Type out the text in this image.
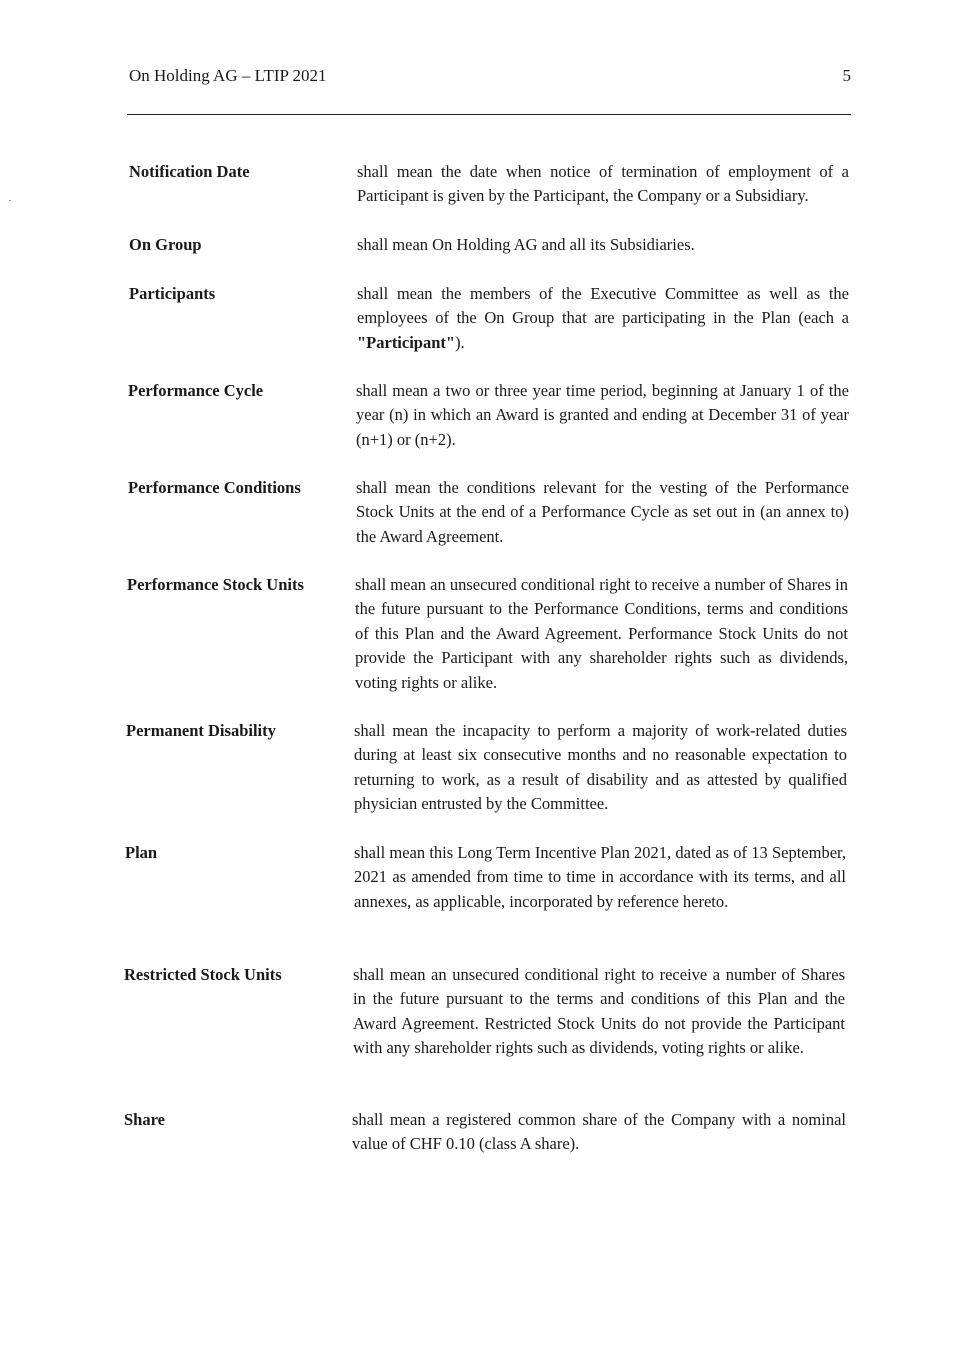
On Holding AG – LTIP 2021	5
Notification Date	shall mean the date when notice of termination of employment of a Participant is given by the Participant, the Company or a Subsidiary.
On Group	shall mean On Holding AG and all its Subsidiaries.
Participants	shall mean the members of the Executive Committee as well as the employees of the On Group that are participating in the Plan (each a "Participant").
Performance Cycle	shall mean a two or three year time period, beginning at January 1 of the year (n) in which an Award is granted and ending at December 31 of year (n+1) or (n+2).
Performance Conditions	shall mean the conditions relevant for the vesting of the Performance Stock Units at the end of a Performance Cycle as set out in (an annex to) the Award Agreement.
Performance Stock Units	shall mean an unsecured conditional right to receive a number of Shares in the future pursuant to the Performance Conditions, terms and conditions of this Plan and the Award Agreement. Performance Stock Units do not provide the Participant with any shareholder rights such as dividends, voting rights or alike.
Permanent Disability	shall mean the incapacity to perform a majority of work-related duties during at least six consecutive months and no reasonable expectation to returning to work, as a result of disability and as attested by qualified physician entrusted by the Committee.
Plan	shall mean this Long Term Incentive Plan 2021, dated as of 13 September, 2021 as amended from time to time in accordance with its terms, and all annexes, as applicable, incorporated by reference hereto.
Restricted Stock Units	shall mean an unsecured conditional right to receive a number of Shares in the future pursuant to the terms and conditions of this Plan and the Award Agreement. Restricted Stock Units do not provide the Participant with any shareholder rights such as dividends, voting rights or alike.
Share	shall mean a registered common share of the Company with a nominal value of CHF 0.10 (class A share).
